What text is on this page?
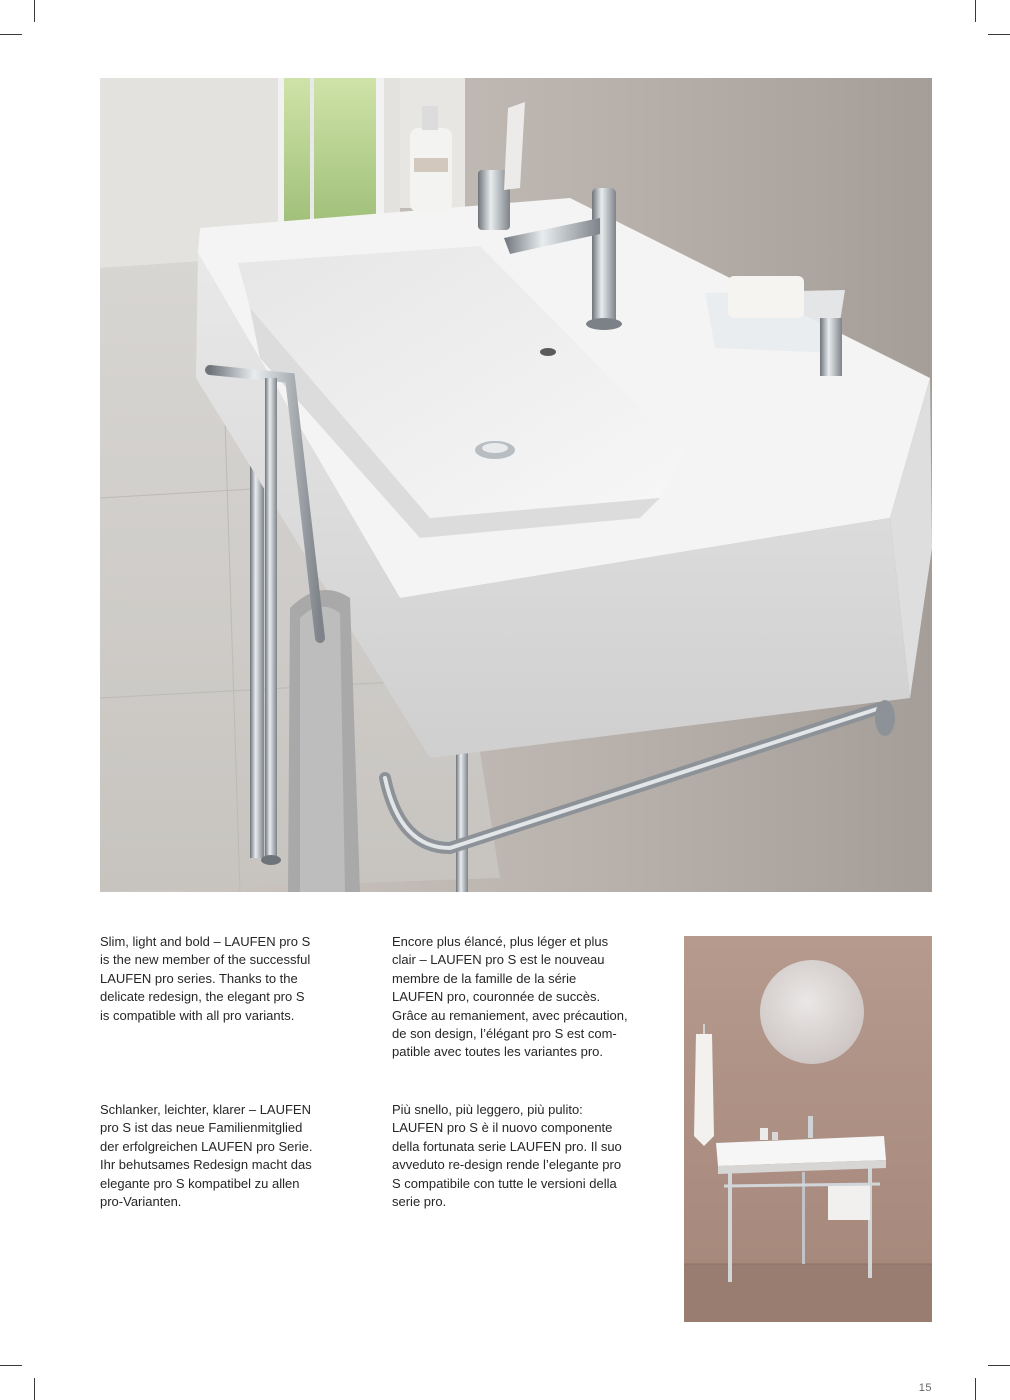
Slim, light and bold – LAUFEN pro S
is the new member of the successful
LAUFEN pro series. Thanks to the
delicate redesign, the elegant pro S
is compatible with all pro variants.

Encore plus élancé, plus léger et plus
clair – LAUFEN pro S est le nouveau
membre de la famille de la série
LAUFEN pro, couronnée de succès.
Grâce au remaniement, avec précaution,
de son design, l’élégant pro S est com-
patible avec toutes les variantes pro.

Schlanker, leichter, klarer – LAUFEN
pro S ist das neue Familienmitglied
der erfolgreichen LAUFEN pro Serie.
Ihr behutsames Redesign macht das
elegante pro S kompatibel zu allen
pro-Varianten.

Più snello, più leggero, più pulito:
LAUFEN pro S è il nuovo componente
della fortunata serie LAUFEN pro. Il suo
avveduto re-design rende l’elegante pro
S compatibile con tutte le versioni della
serie pro.

15
